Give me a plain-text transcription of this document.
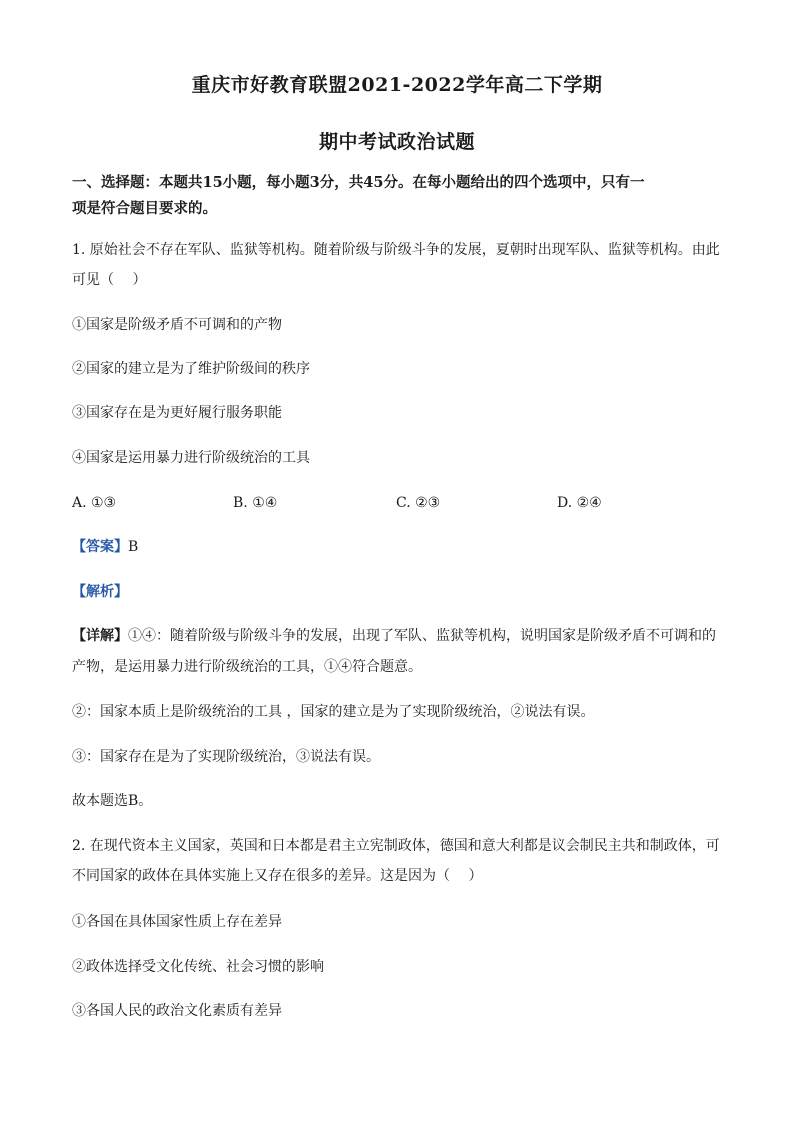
重庆市好教育联盟2021-2022学年高二下学期
期中考试政治试题
一、选择题：本题共15小题，每小题3分，共45分。在每小题给出的四个选项中，只有一
项是符合题目要求的。
1. 原始社会不存在军队、监狱等机构。随着阶级与阶级斗争的发展，夏朝时出现军队、监狱等机构。由此
可见（　 ）
①国家是阶级矛盾不可调和的产物
②国家的建立是为了维护阶级间的秩序
③国家存在是为更好履行服务职能
④国家是运用暴力进行阶级统治的工具
A. ①③	B. ①④	C. ②③	D. ②④
【答案】B
【解析】
【详解】①④：随着阶级与阶级斗争的发展，出现了军队、监狱等机构，说明国家是阶级矛盾不可调和的
产物，是运用暴力进行阶级统治的工具，①④符合题意。
②：国家本质上是阶级统治的工具 ，国家的建立是为了实现阶级统治，②说法有误。
③：国家存在是为了实现阶级统治，③说法有误。
故本题选B。
2. 在现代资本主义国家，英国和日本都是君主立宪制政体，德国和意大利都是议会制民主共和制政体，可
不同国家的政体在具体实施上又存在很多的差异。这是因为（　 ）
①各国在具体国家性质上存在差异
②政体选择受文化传统、社会习惯的影响
③各国人民的政治文化素质有差异
